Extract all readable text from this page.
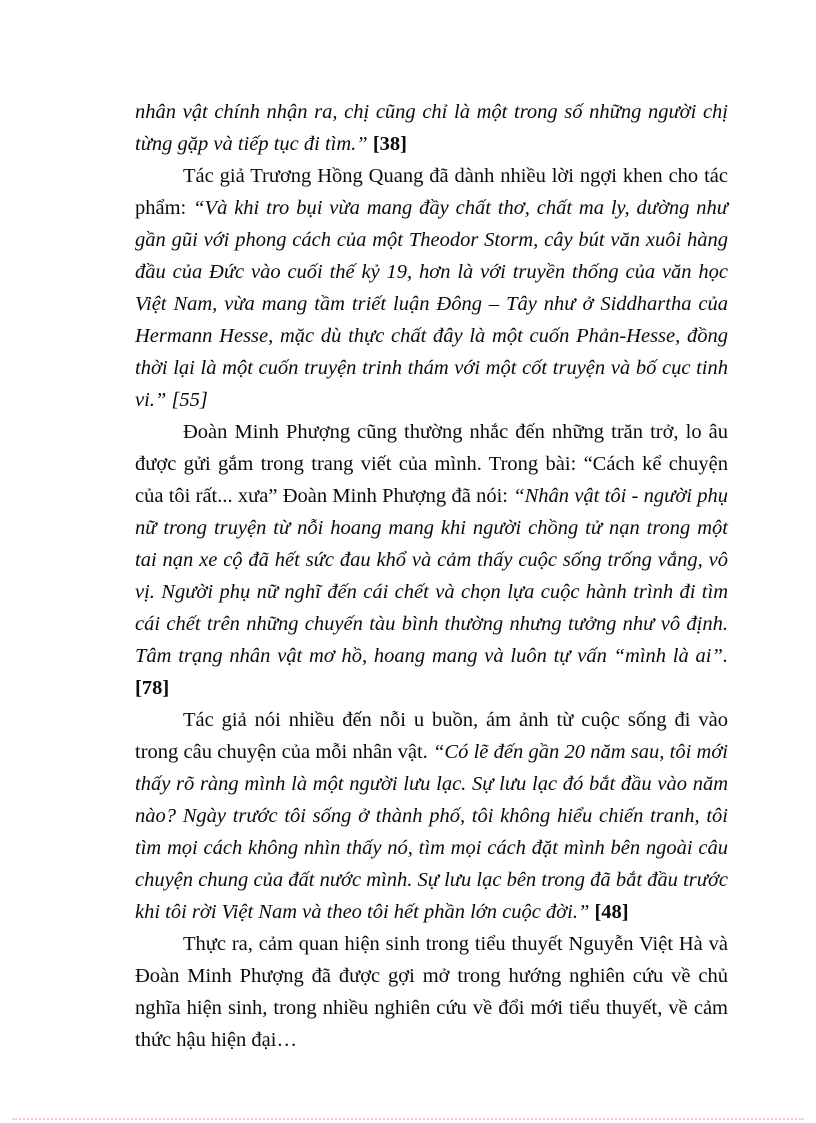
nhân vật chính nhận ra, chị cũng chỉ là một trong số những người chị từng gặp và tiếp tục đi tìm.” [38]

Tác giả Trương Hồng Quang đã dành nhiều lời ngợi khen cho tác phẩm: “Và khi tro bụi vừa mang đầy chất thơ, chất ma ly, dường như gần gũi với phong cách của một Theodor Storm, cây bút văn xuôi hàng đầu của Đức vào cuối thế kỷ 19, hơn là với truyền thống của văn học Việt Nam, vừa mang tầm triết luận Đông – Tây như ở Siddhartha của Hermann Hesse, mặc dù thực chất đây là một cuốn Phản-Hesse, đồng thời lại là một cuốn truyện trinh thám với một cốt truyện và bố cục tinh vi.” [55]

Đoàn Minh Phượng cũng thường nhắc đến những trăn trở, lo âu được gửi gắm trong trang viết của mình. Trong bài: “Cách kể chuyện của tôi rất... xưa” Đoàn Minh Phượng đã nói: “Nhân vật tôi - người phụ nữ trong truyện từ nỗi hoang mang khi người chồng tử nạn trong một tai nạn xe cộ đã hết sức đau khổ và cảm thấy cuộc sống trống vắng, vô vị. Người phụ nữ nghĩ đến cái chết và chọn lựa cuộc hành trình đi tìm cái chết trên những chuyến tàu bình thường nhưng tưởng như vô định. Tâm trạng nhân vật mơ hồ, hoang mang và luôn tự vấn “mình là ai”. [78]

Tác giả nói nhiều đến nỗi u buồn, ám ảnh từ cuộc sống đi vào trong câu chuyện của mỗi nhân vật. “Có lẽ đến gần 20 năm sau, tôi mới thấy rõ ràng mình là một người lưu lạc. Sự lưu lạc đó bắt đầu vào năm nào? Ngày trước tôi sống ở thành phố, tôi không hiểu chiến tranh, tôi tìm mọi cách không nhìn thấy nó, tìm mọi cách đặt mình bên ngoài câu chuyện chung của đất nước mình. Sự lưu lạc bên trong đã bắt đầu trước khi tôi rời Việt Nam và theo tôi hết phần lớn cuộc đời.” [48]

Thực ra, cảm quan hiện sinh trong tiểu thuyết Nguyễn Việt Hà và Đoàn Minh Phượng đã được gợi mở trong hướng nghiên cứu về chủ nghĩa hiện sinh, trong nhiều nghiên cứu về đổi mới tiểu thuyết, về cảm thức hậu hiện đại…
